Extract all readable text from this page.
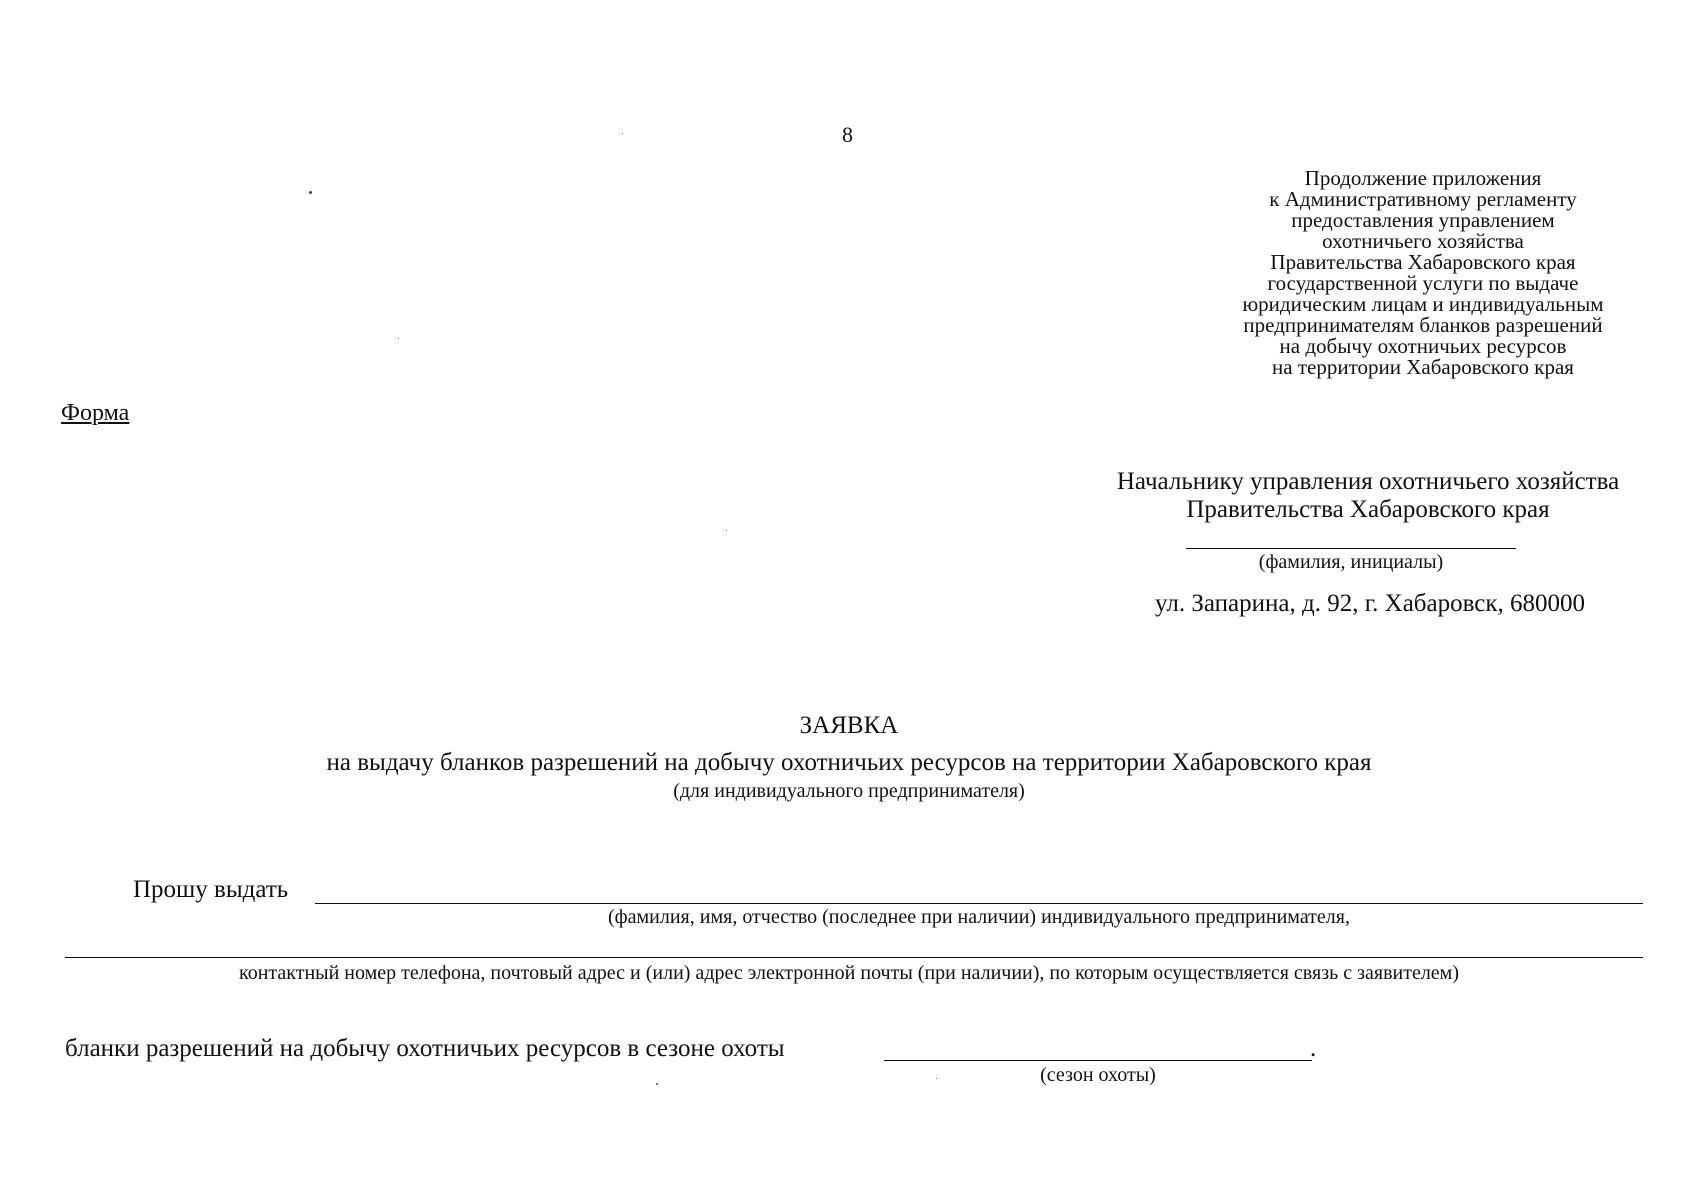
8
Продолжение приложения
к Административному регламенту
предоставления управлением
охотничьего хозяйства
Правительства Хабаровского края
государственной услуги по выдаче
юридическим лицам и индивидуальным
предпринимателям бланков разрешений
на добычу охотничьих ресурсов
на территории Хабаровского края
Форма
Начальнику управления охотничьего хозяйства
Правительства Хабаровского края
(фамилия, инициалы)
ул. Запарина, д. 92, г. Хабаровск, 680000
ЗАЯВКА
на выдачу бланков разрешений на добычу охотничьих ресурсов на территории Хабаровского края
(для индивидуального предпринимателя)
Прошу выдать
(фамилия, имя, отчество (последнее при наличии) индивидуального предпринимателя,
контактный номер телефона, почтовый адрес и (или) адрес электронной почты (при наличии), по которым осуществляется связь с заявителем)
бланки разрешений на добычу охотничьих ресурсов в сезоне охоты	.
(сезон охоты)
